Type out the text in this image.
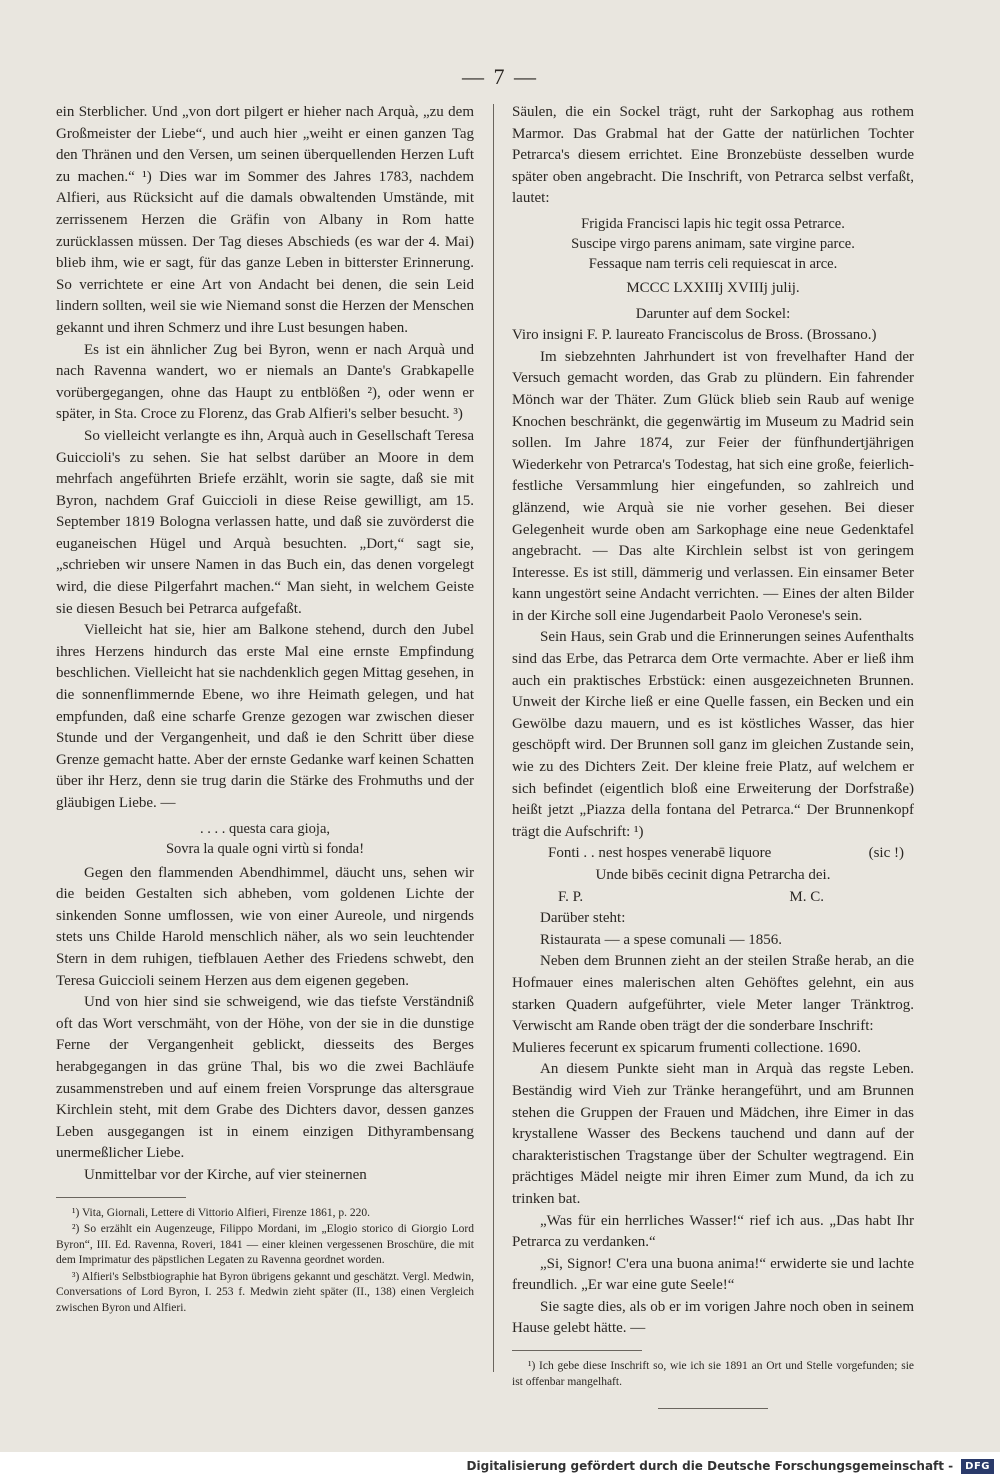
— 7 —

ein Sterblicher. Und „von dort pilgert er hieher nach Arquà, „zu dem Großmeister der Liebe“, und auch hier „weiht er einen ganzen Tag den Thränen und den Versen, um seinen überquellenden Herzen Luft zu machen.“ ¹) Dies war im Sommer des Jahres 1783, nachdem Alfieri, aus Rücksicht auf die damals obwaltenden Umstände, mit zerrissenem Herzen die Gräfin von Albany in Rom hatte zurücklassen müssen. Der Tag dieses Abschieds (es war der 4. Mai) blieb ihm, wie er sagt, für das ganze Leben in bitterster Erinnerung. So verrichtete er eine Art von Andacht bei denen, die sein Leid lindern sollten, weil sie wie Niemand sonst die Herzen der Menschen gekannt und ihren Schmerz und ihre Lust besungen haben.

Es ist ein ähnlicher Zug bei Byron, wenn er nach Arquà und nach Ravenna wandert, wo er niemals an Dante's Grabkapelle vorübergegangen, ohne das Haupt zu entblößen ²), oder wenn er später, in Sta. Croce zu Florenz, das Grab Alfieri's selber besucht. ³)

So vielleicht verlangte es ihn, Arquà auch in Gesellschaft Teresa Guiccioli's zu sehen. Sie hat selbst darüber an Moore in dem mehrfach angeführten Briefe erzählt, worin sie sagte, daß sie mit Byron, nachdem Graf Guiccioli in diese Reise gewilligt, am 15. September 1819 Bologna verlassen hatte, und daß sie zuvörderst die euganeischen Hügel und Arquà besuchten. „Dort,“ sagt sie, „schrieben wir unsere Namen in das Buch ein, das denen vorgelegt wird, die diese Pilgerfahrt machen.“ Man sieht, in welchem Geiste sie diesen Besuch bei Petrarca aufgefaßt.

Vielleicht hat sie, hier am Balkone stehend, durch den Jubel ihres Herzens hindurch das erste Mal eine ernste Empfindung beschlichen. Vielleicht hat sie nachdenklich gegen Mittag gesehen, in die sonnenflimmernde Ebene, wo ihre Heimath gelegen, und hat empfunden, daß eine scharfe Grenze gezogen war zwischen dieser Stunde und der Vergangenheit, und daß ie den Schritt über diese Grenze gemacht hatte. Aber der ernste Gedanke warf keinen Schatten über ihr Herz, denn sie trug darin die Stärke des Frohmuths und der gläubigen Liebe. —

. . . . questa cara gioja,
Sovra la quale ogni virtù si fonda!

Gegen den flammenden Abendhimmel, däucht uns, sehen wir die beiden Gestalten sich abheben, vom goldenen Lichte der sinkenden Sonne umflossen, wie von einer Aureole, und nirgends stets uns Childe Harold menschlich näher, als wo sein leuchtender Stern in dem ruhigen, tiefblauen Aether des Friedens schwebt, den Teresa Guiccioli seinem Herzen aus dem eigenen gegeben.

Und von hier sind sie schweigend, wie das tiefste Verständniß oft das Wort verschmäht, von der Höhe, von der sie in die dunstige Ferne der Vergangenheit geblickt, diesseits des Berges herabgegangen in das grüne Thal, bis wo die zwei Bachläufe zusammenstreben und auf einem freien Vorsprunge das altersgraue Kirchlein steht, mit dem Grabe des Dichters davor, dessen ganzes Leben ausgegangen ist in einem einzigen Dithyrambensang unermeßlicher Liebe.

Unmittelbar vor der Kirche, auf vier steinernen

¹) Vita, Giornali, Lettere di Vittorio Alfieri, Firenze 1861, p. 220.

²) So erzählt ein Augenzeuge, Filippo Mordani, im „Elogio storico di Giorgio Lord Byron“, III. Ed. Ravenna, Roveri, 1841 — einer kleinen vergessenen Broschüre, die mit dem Imprimatur des päpstlichen Legaten zu Ravenna geordnet worden.

³) Alfieri's Selbstbiographie hat Byron übrigens gekannt und geschätzt. Vergl. Medwin, Conversations of Lord Byron, I. 253 f. Medwin zieht später (II., 138) einen Vergleich zwischen Byron und Alfieri.

Säulen, die ein Sockel trägt, ruht der Sarkophag aus rothem Marmor. Das Grabmal hat der Gatte der natürlichen Tochter Petrarca's diesem errichtet. Eine Bronzebüste desselben wurde später oben angebracht. Die Inschrift, von Petrarca selbst verfaßt, lautet:

Frigida Francisci lapis hic tegit ossa Petrarce.
Suscipe virgo parens animam, sate virgine parce.
Fessaque nam terris celi requiescat in arce.
MCCC LXXIIIj XVIIIj julij.

Darunter auf dem Sockel:

Viro insigni F. P. laureato Franciscolus de Bross. (Brossano.)

Im siebzehnten Jahrhundert ist von frevelhafter Hand der Versuch gemacht worden, das Grab zu plündern. Ein fahrender Mönch war der Thäter. Zum Glück blieb sein Raub auf wenige Knochen beschränkt, die gegenwärtig im Museum zu Madrid sein sollen. Im Jahre 1874, zur Feier der fünfhundertjährigen Wiederkehr von Petrarca's Todestag, hat sich eine große, feierlich-festliche Versammlung hier eingefunden, so zahlreich und glänzend, wie Arquà sie nie vorher gesehen. Bei dieser Gelegenheit wurde oben am Sarkophage eine neue Gedenktafel angebracht. — Das alte Kirchlein selbst ist von geringem Interesse. Es ist still, dämmerig und verlassen. Ein einsamer Beter kann ungestört seine Andacht verrichten. — Eines der alten Bilder in der Kirche soll eine Jugendarbeit Paolo Veronese's sein.

Sein Haus, sein Grab und die Erinnerungen seines Aufenthalts sind das Erbe, das Petrarca dem Orte vermachte. Aber er ließ ihm auch ein praktisches Erbstück: einen ausgezeichneten Brunnen. Unweit der Kirche ließ er eine Quelle fassen, ein Becken und ein Gewölbe dazu mauern, und es ist köstliches Wasser, das hier geschöpft wird. Der Brunnen soll ganz im gleichen Zustande sein, wie zu des Dichters Zeit. Der kleine freie Platz, auf welchem er sich befindet (eigentlich bloß eine Erweiterung der Dorfstraße) heißt jetzt „Piazza della fontana del Petrarca.“ Der Brunnenkopf trägt die Aufschrift: ¹)

Fonti . . nest hospes venerabē liquore	(sic !)
Unde bibēs cecinit digna Petrarcha dei.
F. P.	M. C.

Darüber steht:

Ristaurata — a spese comunali — 1856.

Neben dem Brunnen zieht an der steilen Straße herab, an die Hofmauer eines malerischen alten Gehöftes gelehnt, ein aus starken Quadern aufgeführter, viele Meter langer Tränktrog. Verwischt am Rande oben trägt der die sonderbare Inschrift:

Mulieres fecerunt ex spicarum frumenti collectione. 1690.

An diesem Punkte sieht man in Arquà das regste Leben. Beständig wird Vieh zur Tränke herangeführt, und am Brunnen stehen die Gruppen der Frauen und Mädchen, ihre Eimer in das krystallene Wasser des Beckens tauchend und dann auf der charakteristischen Tragstange über der Schulter wegtragend. Ein prächtiges Mädel neigte mir ihren Eimer zum Mund, da ich zu trinken bat.

„Was für ein herrliches Wasser!“ rief ich aus. „Das habt Ihr Petrarca zu verdanken.“

„Si, Signor! C'era una buona anima!“ erwiderte sie und lachte freundlich. „Er war eine gute Seele!“

Sie sagte dies, als ob er im vorigen Jahre noch oben in seinem Hause gelebt hätte. —

¹) Ich gebe diese Inschrift so, wie ich sie 1891 an Ort und Stelle vorgefunden; sie ist offenbar mangelhaft.

Digitalisierung gefördert durch die Deutsche Forschungsgemeinschaft -	DFG
